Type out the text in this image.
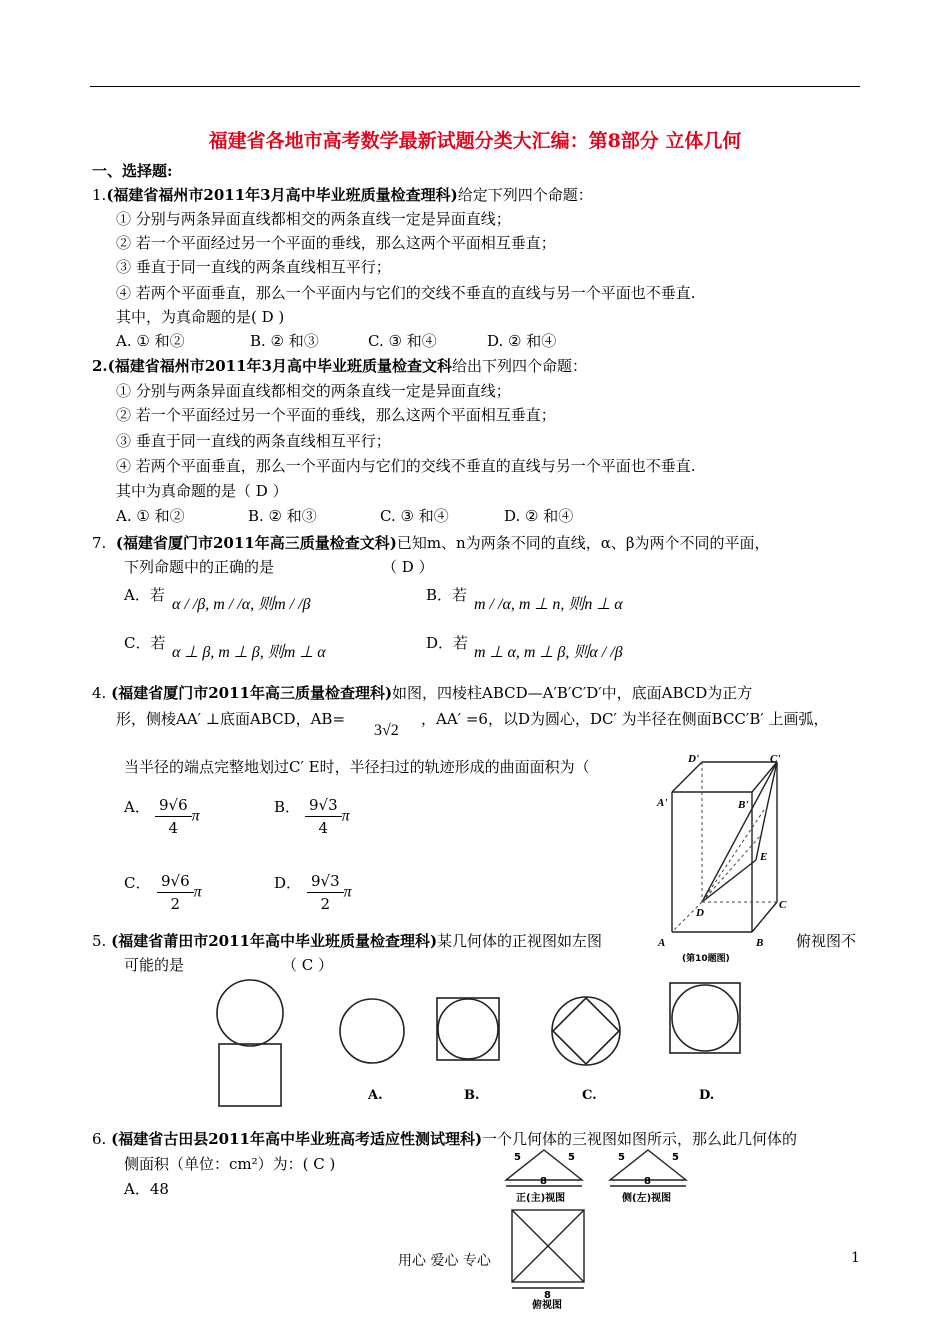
福建省各地市高考数学最新试题分类大汇编：第8部分 立体几何
一、选择题:
1.(福建省福州市2011年3月高中毕业班质量检查理科)给定下列四个命题：
① 分别与两条异面直线都相交的两条直线一定是异面直线；
② 若一个平面经过另一个平面的垂线，那么这两个平面相互垂直；
③ 垂直于同一直线的两条直线相互平行；
④ 若两个平面垂直，那么一个平面内与它们的交线不垂直的直线与另一个平面也不垂直.
其中，为真命题的是( D )
A. ① 和②	B. ② 和③	C. ③ 和④	D. ② 和④
2.(福建省福州市2011年3月高中毕业班质量检查文科给出下列四个命题：
① 分别与两条异面直线都相交的两条直线一定是异面直线；
② 若一个平面经过另一个平面的垂线，那么这两个平面相互垂直；
③ 垂直于同一直线的两条直线相互平行；
④ 若两个平面垂直，那么一个平面内与它们的交线不垂直的直线与另一个平面也不垂直.
其中为真命题的是（ D ）
A. ① 和②	B. ② 和③	C. ③ 和④	D. ② 和④
7. (福建省厦门市2011年高三质量检查文科)已知m、n为两条不同的直线，α、β为两个不同的平面，
下列命题中的正确的是	（ D ）
A．若
α / /β, m / /α, 则m / /β
B．若
m / /α, m ⊥ n, 则n ⊥ α
C．若
α ⊥ β, m ⊥ β, 则m ⊥ α
D．若
m ⊥ α, m ⊥ β, 则α / /β
4. (福建省厦门市2011年高三质量检查理科)如图，四棱柱ABCD—A′B′C′D′中，底面ABCD为正方
形，侧棱AA′ ⊥底面ABCD，AB=
3√2
，AA′ =6，以D为圆心，DC′ 为半径在侧面BCC′B′ 上画弧，
当半径的端点完整地划过C′ E时，半径扫过的轨迹形成的曲面面积为（
A． $\frac{9√6}{4}$ π	B． $\frac{9√3}{4}$ π
C． $\frac{9√6}{2}$ π	D． $\frac{9√3}{2}$ π
D'	C'
A'	B'
E
D
C
A	B
(第10题图)
5. (福建省莆田市2011年高中毕业班质量检查理科)某几何体的正视图如左图	俯视图不
可能的是	（ C ）
A.	B.	C.	D.
6. (福建省古田县2011年高中毕业班高考适应性测试理科)一个几何体的三视图如图所示，那么此几何体的
侧面积（单位：cm²）为：( C )
A．48
5	5
8
5	5
8
正(主)视图	侧(左)视图
8
俯视图
用心 爱心 专心	1
